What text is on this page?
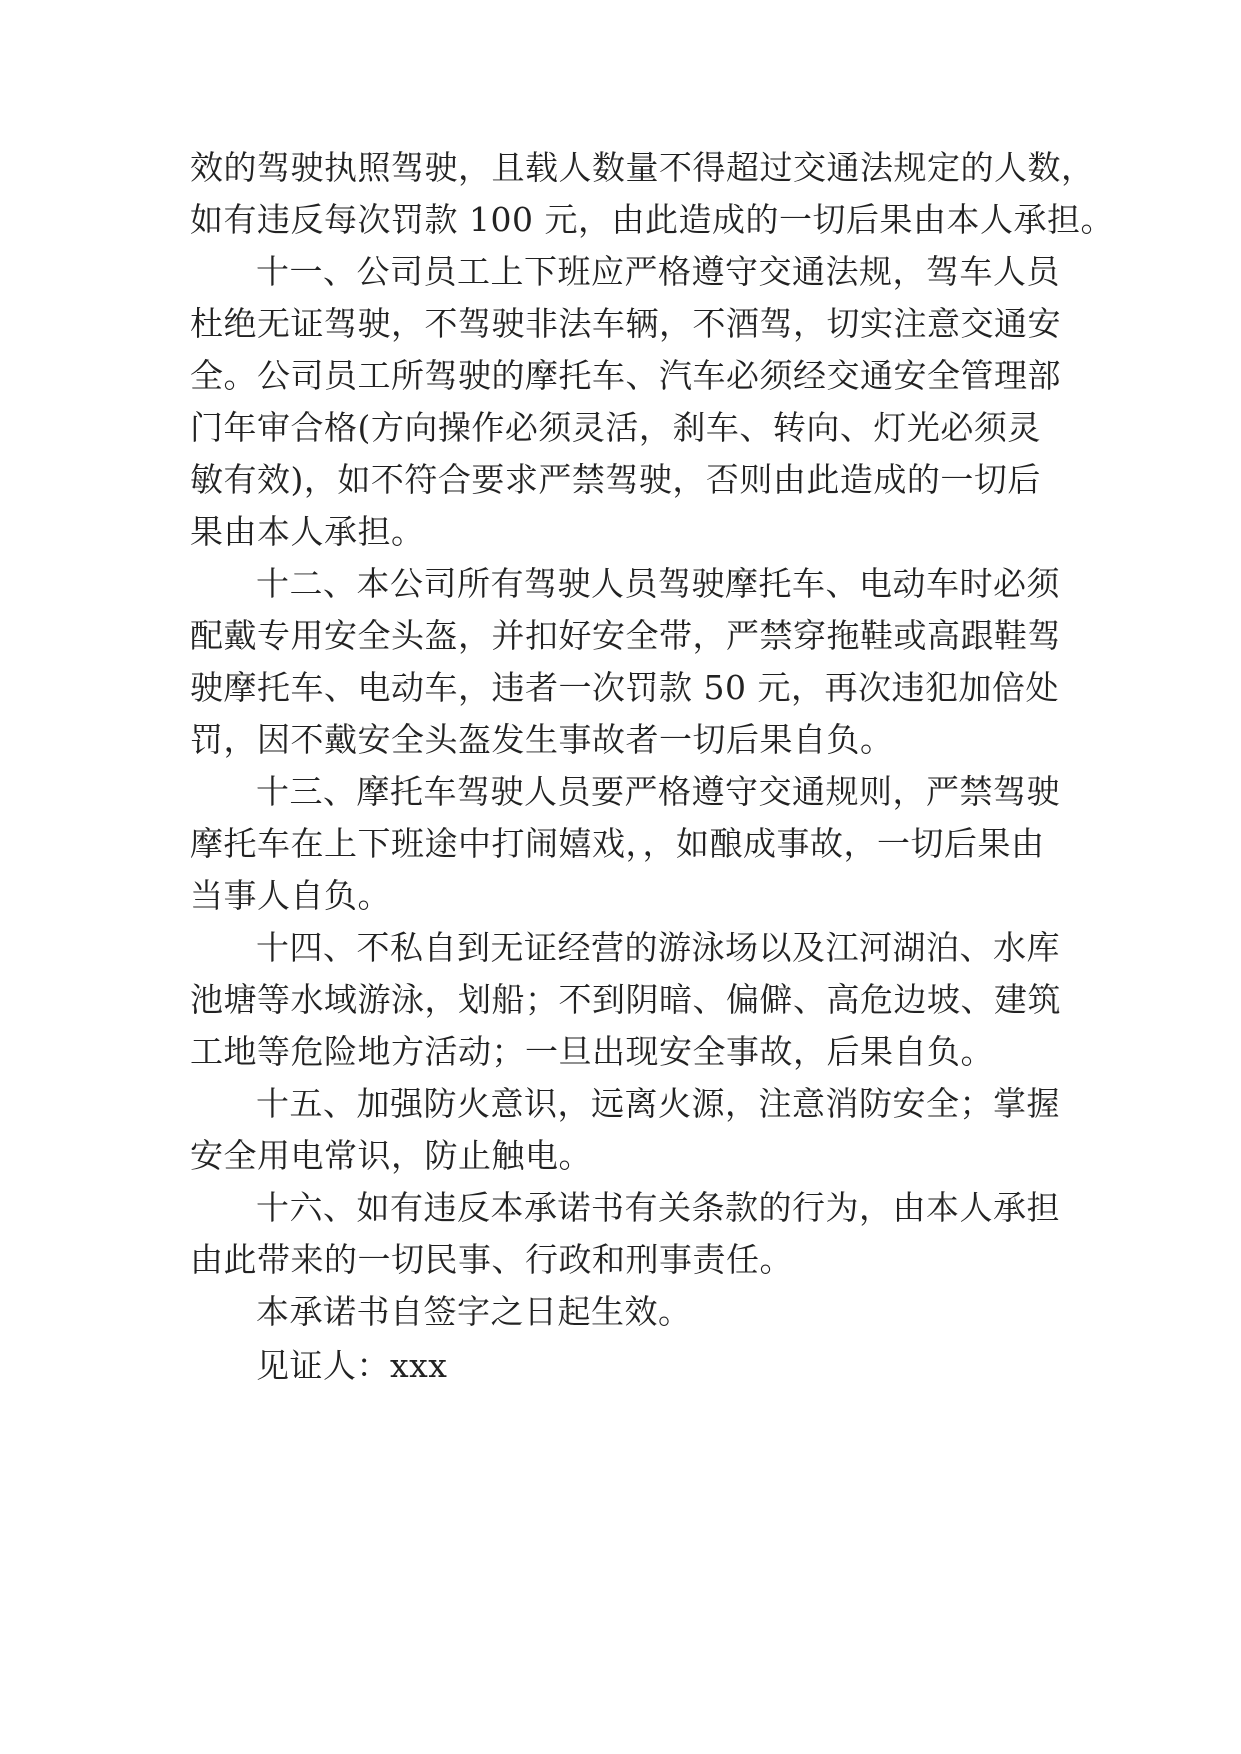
效的驾驶执照驾驶，且载人数量不得超过交通法规定的人数，
如有违反每次罚款 100 元，由此造成的一切后果由本人承担。
十一、公司员工上下班应严格遵守交通法规，驾车人员
杜绝无证驾驶，不驾驶非法车辆，不酒驾，切实注意交通安
全。公司员工所驾驶的摩托车、汽车必须经交通安全管理部
门年审合格(方向操作必须灵活，刹车、转向、灯光必须灵
敏有效)，如不符合要求严禁驾驶，否则由此造成的一切后
果由本人承担。
十二、本公司所有驾驶人员驾驶摩托车、电动车时必须
配戴专用安全头盔，并扣好安全带，严禁穿拖鞋或高跟鞋驾
驶摩托车、电动车，违者一次罚款 50 元，再次违犯加倍处
罚，因不戴安全头盔发生事故者一切后果自负。
十三、摩托车驾驶人员要严格遵守交通规则，严禁驾驶
摩托车在上下班途中打闹嬉戏，，如酿成事故，一切后果由
当事人自负。
十四、不私自到无证经营的游泳场以及江河湖泊、水库
池塘等水域游泳，划船；不到阴暗、偏僻、高危边坡、建筑
工地等危险地方活动；一旦出现安全事故，后果自负。
十五、加强防火意识，远离火源，注意消防安全；掌握
安全用电常识，防止触电。
十六、如有违反本承诺书有关条款的行为，由本人承担
由此带来的一切民事、行政和刑事责任。
本承诺书自签字之日起生效。
见证人：xxx
